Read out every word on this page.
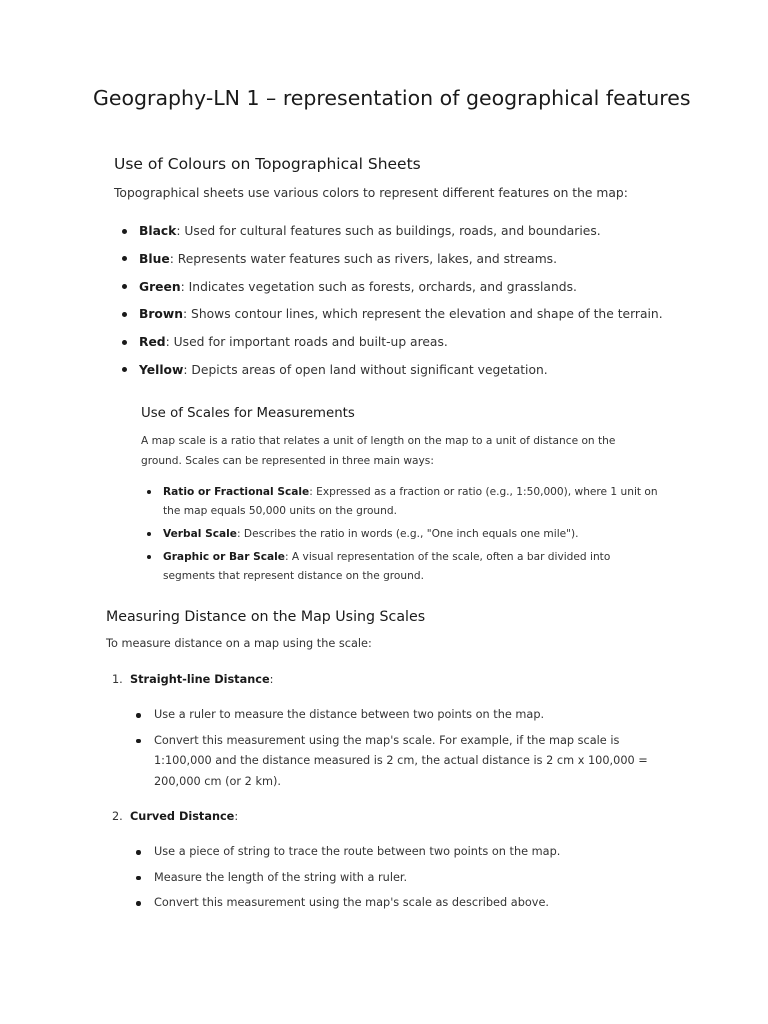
Geography-LN 1 – representation of geographical features
Use of Colours on Topographical Sheets

Topographical sheets use various colors to represent different features on the map:

Black: Used for cultural features such as buildings, roads, and boundaries.
Blue: Represents water features such as rivers, lakes, and streams.
Green: Indicates vegetation such as forests, orchards, and grasslands.
Brown: Shows contour lines, which represent the elevation and shape of the terrain.
Red: Used for important roads and built-up areas.
Yellow: Depicts areas of open land without significant vegetation.
Use of Scales for Measurements

A map scale is a ratio that relates a unit of length on the map to a unit of distance on the ground. Scales can be represented in three main ways:

Ratio or Fractional Scale: Expressed as a fraction or ratio (e.g., 1:50,000), where 1 unit on the map equals 50,000 units on the ground.
Verbal Scale: Describes the ratio in words (e.g., "One inch equals one mile").
Graphic or Bar Scale: A visual representation of the scale, often a bar divided into segments that represent distance on the ground.
Measuring Distance on the Map Using Scales

To measure distance on a map using the scale:

1. Straight-line Distance:
Use a ruler to measure the distance between two points on the map.
Convert this measurement using the map's scale. For example, if the map scale is 1:100,000 and the distance measured is 2 cm, the actual distance is 2 cm x 100,000 = 200,000 cm (or 2 km).
2. Curved Distance:
Use a piece of string to trace the route between two points on the map.
Measure the length of the string with a ruler.
Convert this measurement using the map's scale as described above.
